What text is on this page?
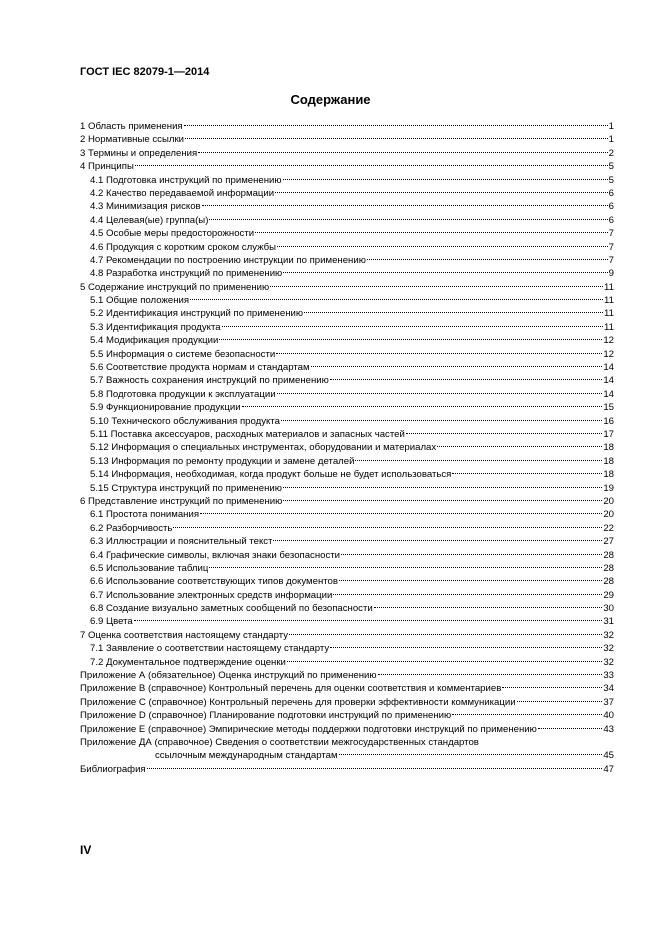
ГОСТ IEC 82079-1—2014
Содержание
1 Область применения	1
2 Нормативные ссылки	1
3 Термины и определения	2
4 Принципы	5
4.1 Подготовка инструкций по применению	5
4.2 Качество передаваемой информации	6
4.3 Минимизация рисков	6
4.4 Целевая(ые) группа(ы)	6
4.5 Особые меры предосторожности	7
4.6 Продукция с коротким сроком службы	7
4.7 Рекомендации по построению инструкции по применению	7
4.8 Разработка инструкций по применению	9
5 Содержание инструкций по применению	11
5.1 Общие положения	11
5.2 Идентификация инструкций по применению	11
5.3 Идентификация продукта	11
5.4 Модификация продукции	12
5.5 Информация о системе безопасности	12
5.6 Соответствие продукта нормам и стандартам	14
5.7 Важность сохранения инструкций по применению	14
5.8 Подготовка продукции к эксплуатации	14
5.9 Функционирование продукции	15
5.10 Технического обслуживания продукта	16
5.11 Поставка аксессуаров, расходных материалов и запасных частей	17
5.12 Информация о специальных инструментах, оборудовании и материалах	18
5.13 Информация по ремонту продукции и замене деталей	18
5.14 Информация, необходимая, когда продукт больше не будет использоваться	18
5.15 Структура инструкций по применению	19
6 Представление инструкций по применению	20
6.1 Простота понимания	20
6.2 Разборчивость	22
6.3 Иллюстрации и пояснительный текст	27
6.4 Графические символы, включая знаки безопасности	28
6.5 Использование таблиц	28
6.6 Использование соответствующих типов документов	28
6.7 Использование электронных средств информации	29
6.8 Создание визуально заметных сообщений по безопасности	30
6.9 Цвета	31
7 Оценка соответствия настоящему стандарту	32
7.1 Заявление о соответствии настоящему стандарту	32
7.2 Документальное подтверждение оценки	32
Приложение А (обязательное) Оценка инструкций по применению	33
Приложение В (справочное) Контрольный перечень для оценки соответствия и комментариев	34
Приложение С (справочное) Контрольный перечень для проверки эффективности коммуникации	37
Приложение D (справочное) Планирование подготовки инструкций по применению	40
Приложение Е (справочное) Эмпирические методы поддержки подготовки инструкций по применению	43
Приложение ДА (справочное) Сведения о соответствии межгосударственных стандартов
ссылочным международным стандартам	45
Библиография	47
IV
